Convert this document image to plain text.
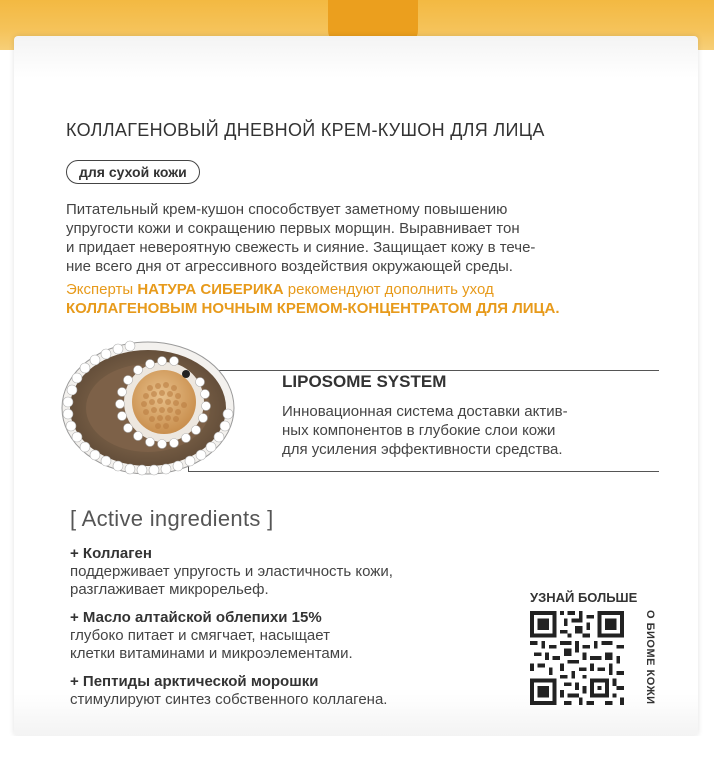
КОЛЛАГЕНОВЫЙ ДНЕВНОЙ КРЕМ-КУШОН ДЛЯ ЛИЦА
для сухой кожи
Питательный крем-кушон способствует заметному повышению
упругости кожи и сокращению первых морщин. Выравнивает тон
и придает невероятную свежесть и сияние. Защищает кожу в тече-
ние всего дня от агрессивного воздействия окружающей среды.
Эксперты НАТУРА СИБЕРИКА рекомендуют дополнить уход
КОЛЛАГЕНОВЫМ НОЧНЫМ КРЕМОМ-КОНЦЕНТРАТОМ ДЛЯ ЛИЦА.
LIPOSOME SYSTEM
Инновационная система доставки актив-
ных компонентов в глубокие слои кожи
для усиления эффективности средства.
[ Active ingredients ]
+ Коллаген
поддерживает упругость и эластичность кожи,
разглаживает микрорельеф.
+ Масло алтайской облепихи 15%
глубоко питает и смягчает, насыщает
клетки витаминами и микроэлементами.
+ Пептиды арктической морошки
стимулируют синтез собственного коллагена.
УЗНАЙ БОЛЬШЕ
О БИОМЕ КОЖИ
